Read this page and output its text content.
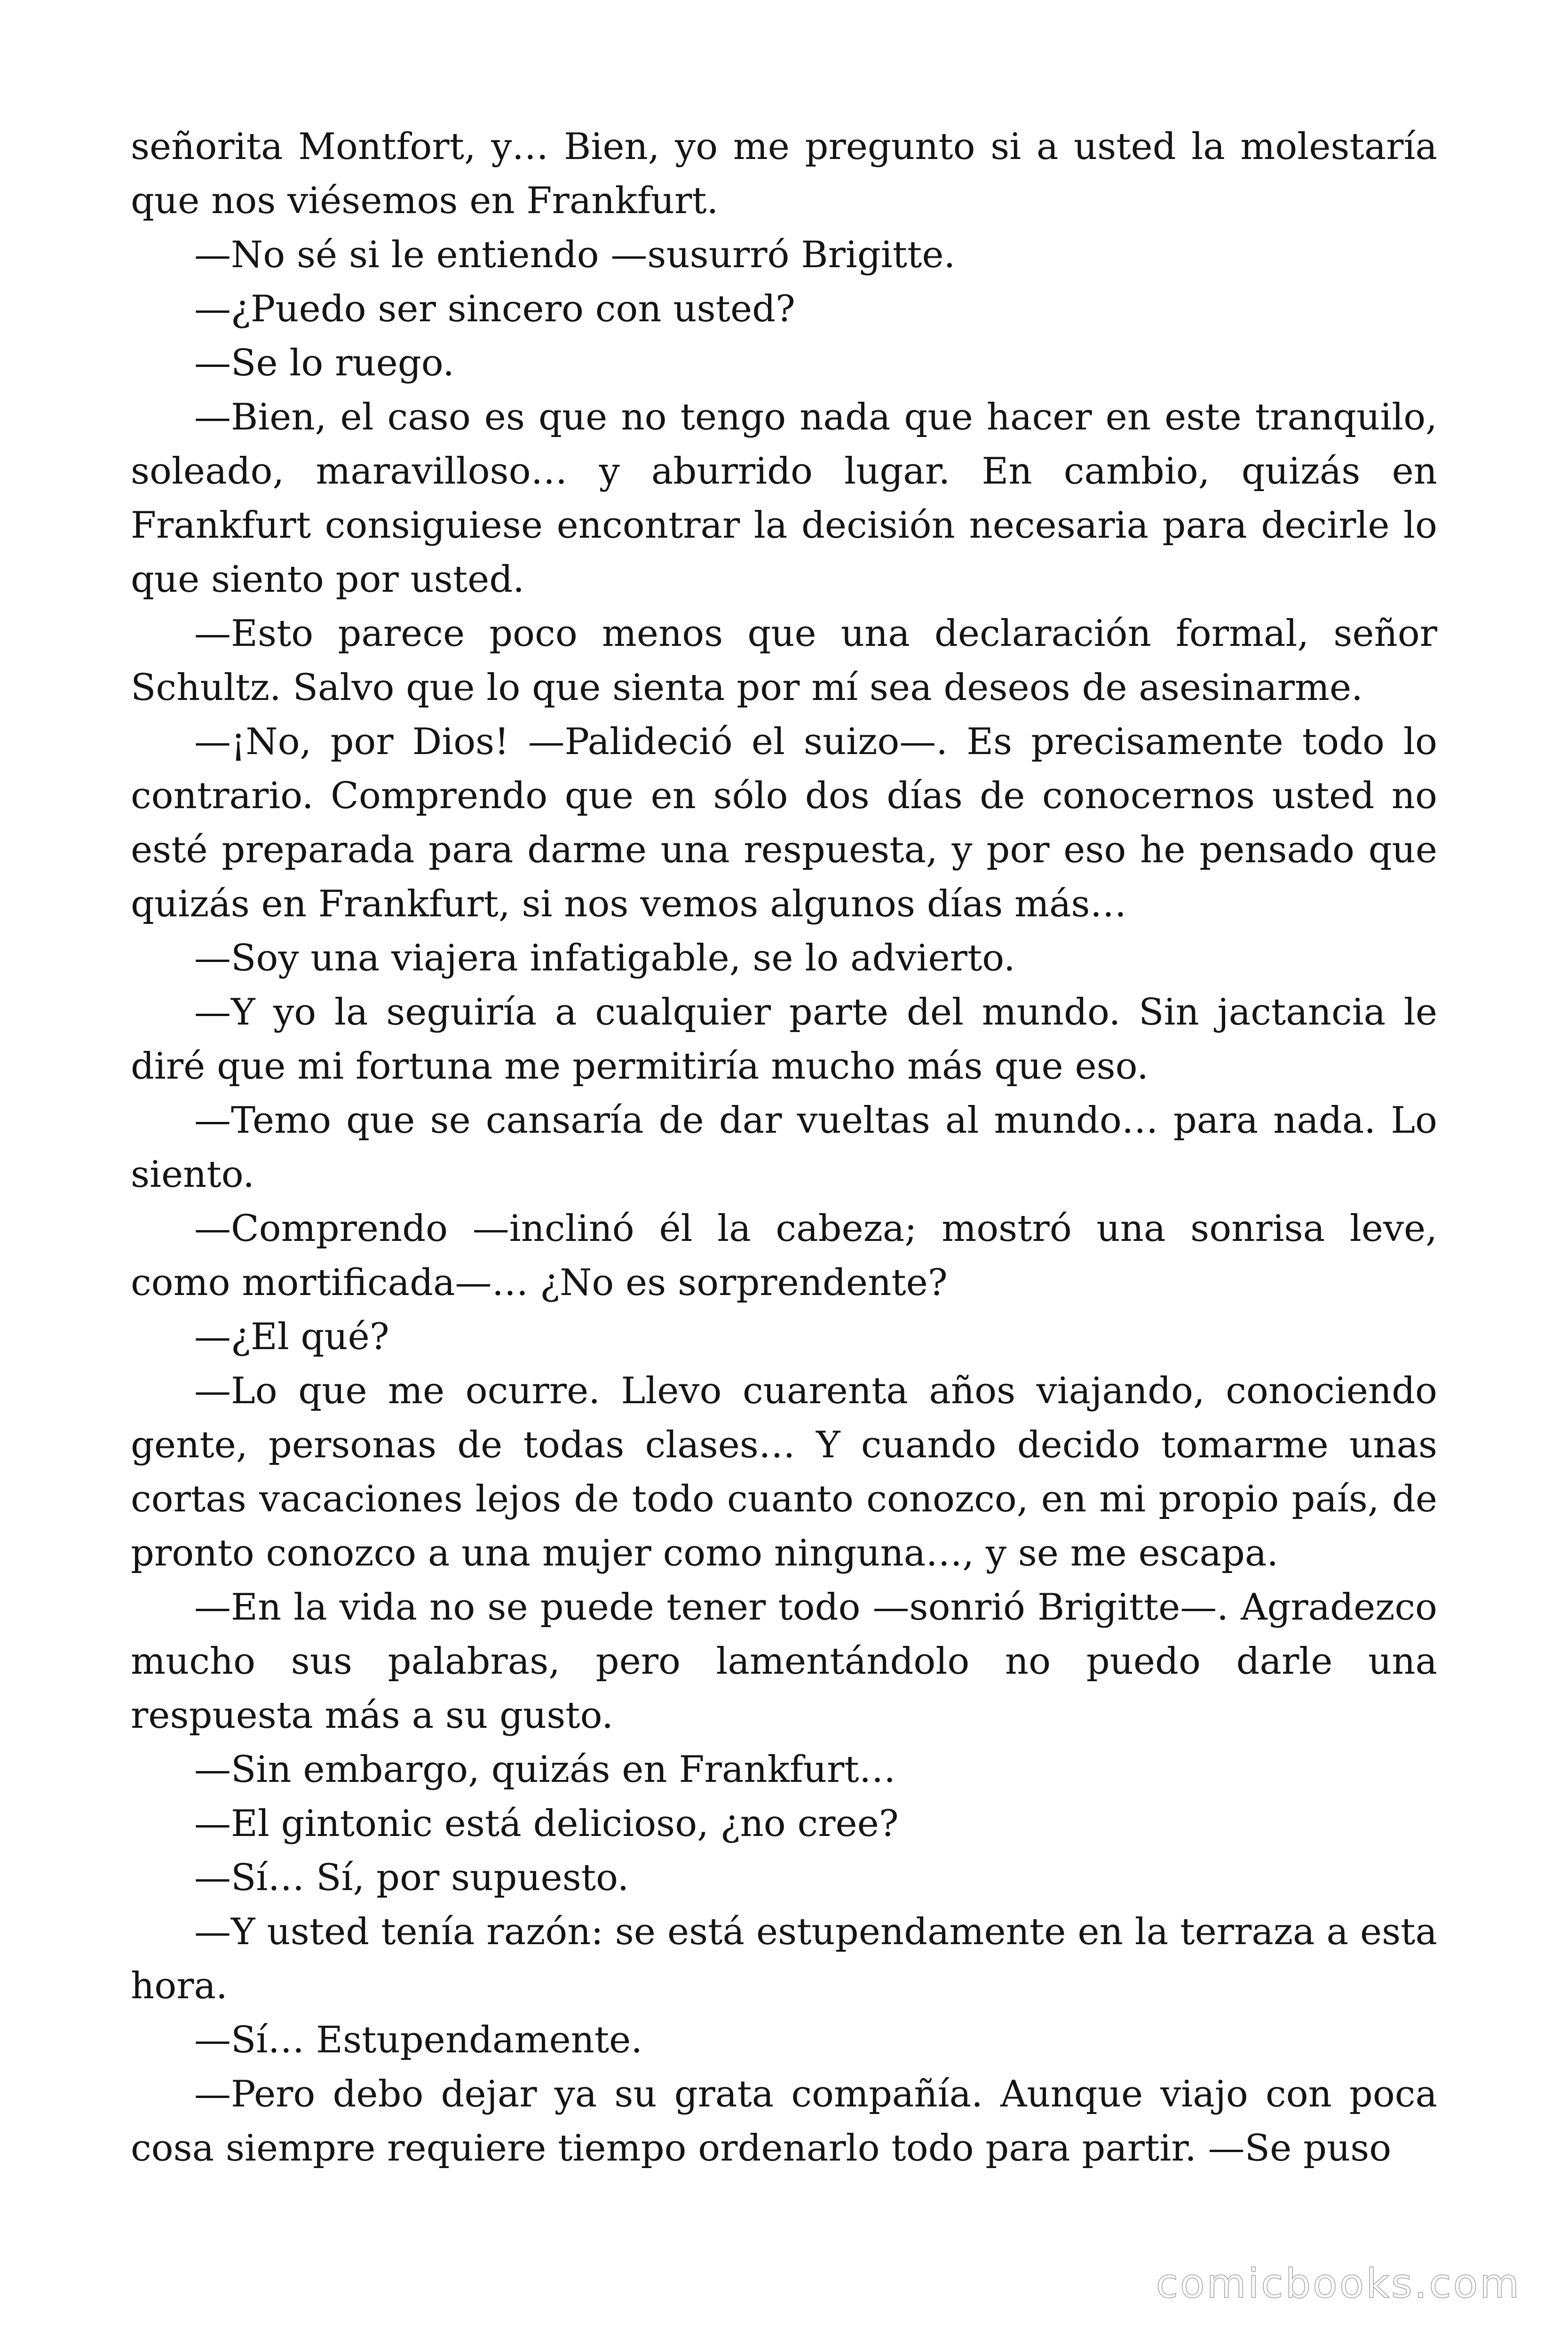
señorita Montfort, y… Bien, yo me pregunto si a usted la molestaría que nos viésemos en Frankfurt.

—No sé si le entiendo —susurró Brigitte.

—¿Puedo ser sincero con usted?

—Se lo ruego.

—Bien, el caso es que no tengo nada que hacer en este tranquilo, soleado, maravilloso… y aburrido lugar. En cambio, quizás en Frankfurt consiguiese encontrar la decisión necesaria para decirle lo que siento por usted.

—Esto parece poco menos que una declaración formal, señor Schultz. Salvo que lo que sienta por mí sea deseos de asesinarme.

—¡No, por Dios! —Palideció el suizo—. Es precisamente todo lo contrario. Comprendo que en sólo dos días de conocernos usted no esté preparada para darme una respuesta, y por eso he pensado que quizás en Frankfurt, si nos vemos algunos días más…

—Soy una viajera infatigable, se lo advierto.

—Y yo la seguiría a cualquier parte del mundo. Sin jactancia le diré que mi fortuna me permitiría mucho más que eso.

—Temo que se cansaría de dar vueltas al mundo… para nada. Lo siento.

—Comprendo —inclinó él la cabeza; mostró una sonrisa leve, como mortificada—… ¿No es sorprendente?

—¿El qué?

—Lo que me ocurre. Llevo cuarenta años viajando, conociendo gente, personas de todas clases… Y cuando decido tomarme unas cortas vacaciones lejos de todo cuanto conozco, en mi propio país, de pronto conozco a una mujer como ninguna…, y se me escapa.

—En la vida no se puede tener todo —sonrió Brigitte—. Agradezco mucho sus palabras, pero lamentándolo no puedo darle una respuesta más a su gusto.

—Sin embargo, quizás en Frankfurt…

—El gintonic está delicioso, ¿no cree?

—Sí… Sí, por supuesto.

—Y usted tenía razón: se está estupendamente en la terraza a esta hora.

—Sí… Estupendamente.

—Pero debo dejar ya su grata compañía. Aunque viajo con poca cosa siempre requiere tiempo ordenarlo todo para partir. —Se puso

comicbooks.com
